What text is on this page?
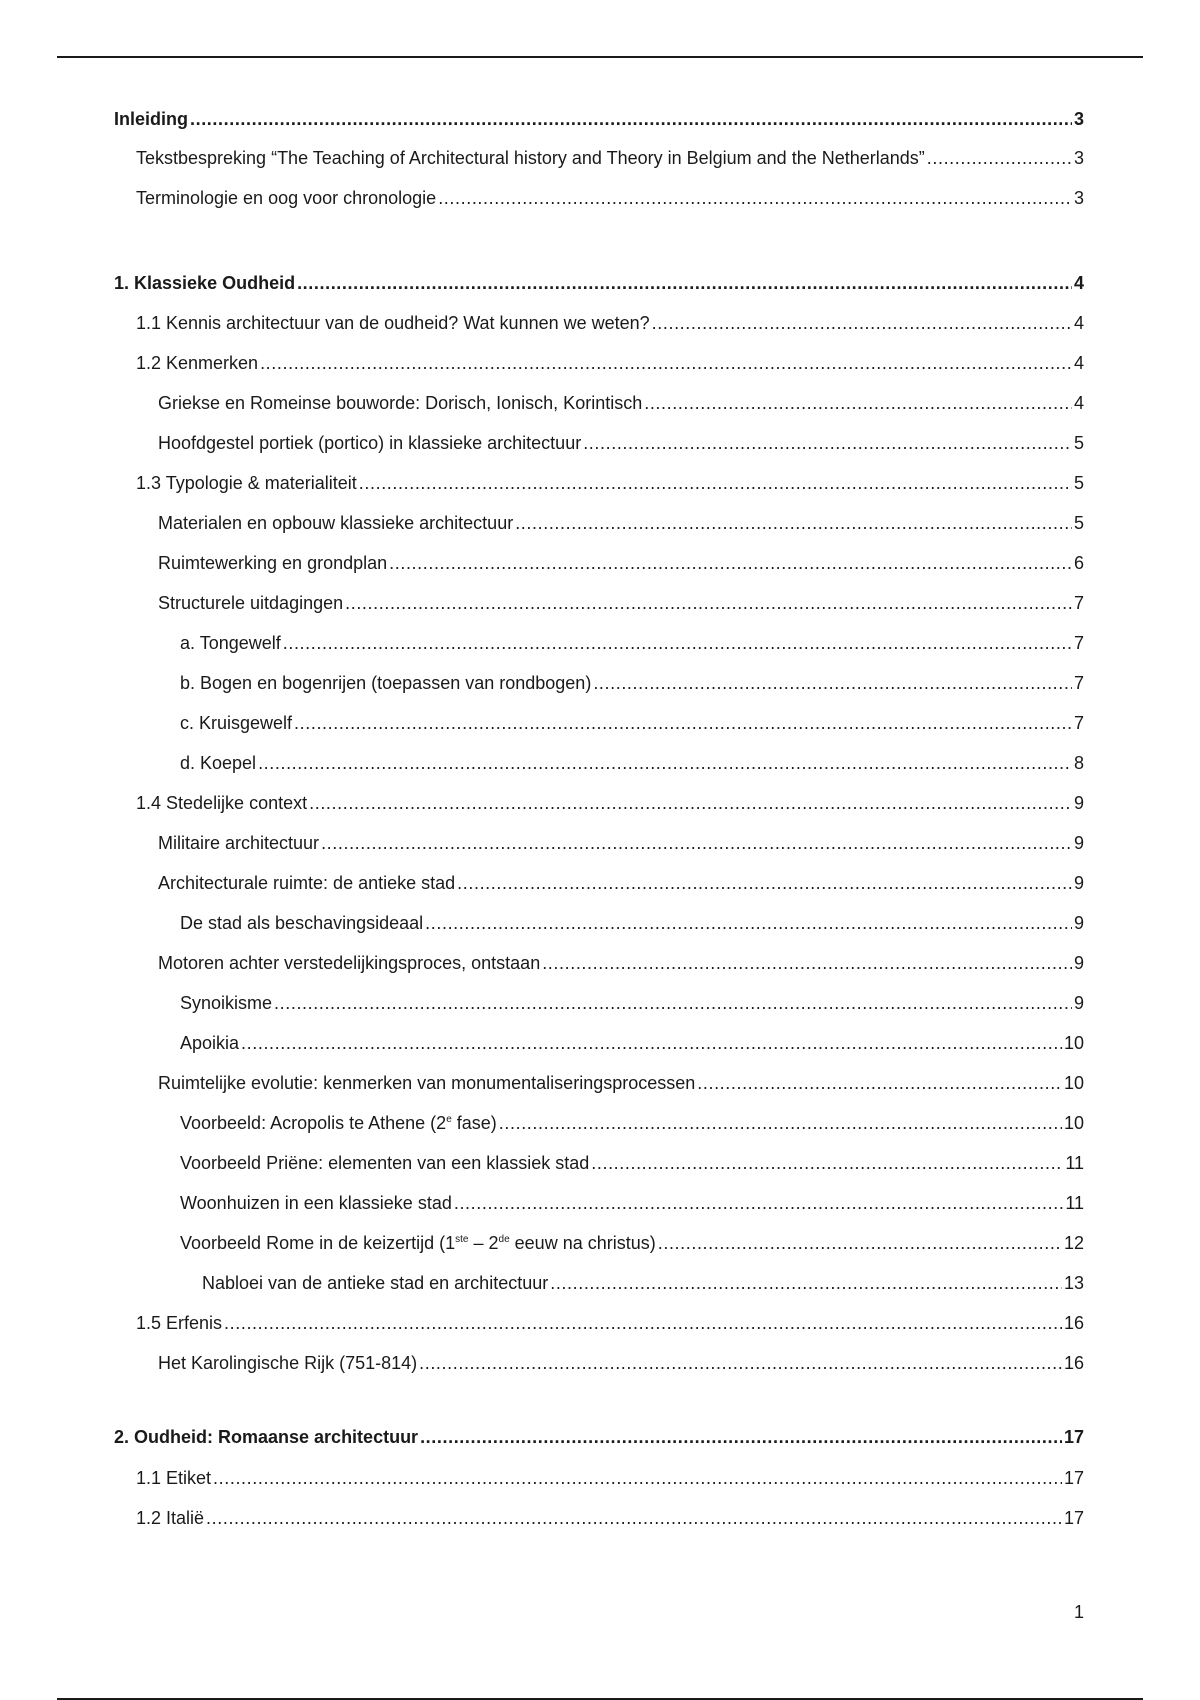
Inleiding . . .	3
Tekstbespreking “The Teaching of Architectural history and Theory in Belgium and the Netherlands” . . .	3
Terminologie en oog voor chronologie . . .	3
1. Klassieke Oudheid . . .	4
1.1 Kennis architectuur van de oudheid? Wat kunnen we weten? . . .	4
1.2 Kenmerken . . .	4
Griekse en Romeinse bouworde: Dorisch, Ionisch, Korintisch . . .	4
Hoofdgestel portiek (portico) in klassieke architectuur . . .	5
1.3 Typologie & materialiteit . . .	5
Materialen en opbouw klassieke architectuur . . .	5
Ruimtewerking en grondplan . . .	6
Structurele uitdagingen . . .	7
a. Tongewelf . . .	7
b. Bogen en bogenrijen (toepassen van rondbogen) . . .	7
c. Kruisgewelf . . .	7
d. Koepel . . .	8
1.4 Stedelijke context . . .	9
Militaire architectuur . . .	9
Architecturale ruimte: de antieke stad . . .	9
De stad als beschavingsideaal . . .	9
Motoren achter verstedelijkingsproces, ontstaan . . .	9
Synoikisme . . .	9
Apoikia . . .	10
Ruimtelijke evolutie: kenmerken van monumentaliseringsprocessen . . .	10
Voorbeeld: Acropolis te Athene (2e fase) . . .	10
Voorbeeld Priëne: elementen van een klassiek stad . . .	11
Woonhuizen in een klassieke stad . . .	11
Voorbeeld Rome in de keizertijd (1ste – 2de eeuw na christus) . . .	12
Nabloei van de antieke stad en architectuur . . .	13
1.5 Erfenis . . .	16
Het Karolingische Rijk (751-814) . . .	16
2. Oudheid: Romaanse architectuur . . .	17
1.1 Etiket . . .	17
1.2 Italië . . .	17
1
